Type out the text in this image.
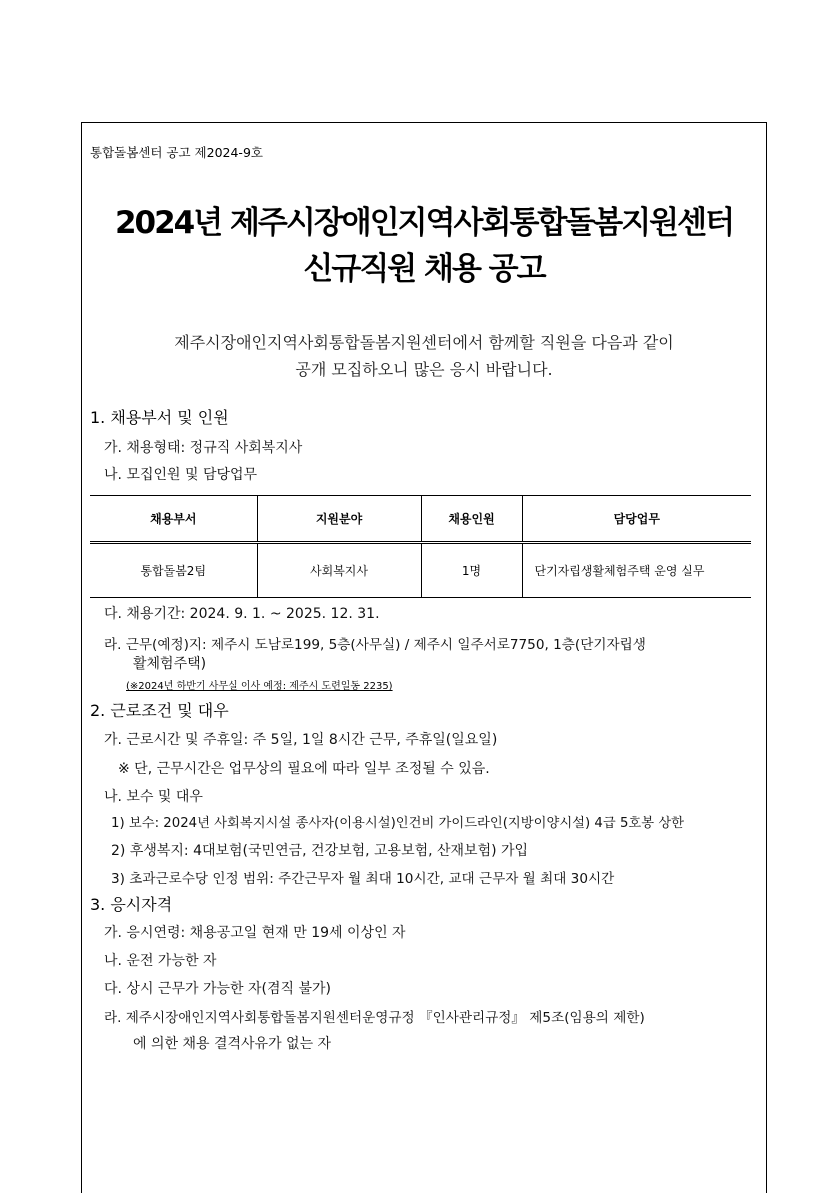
통합돌봄센터 공고 제2024-9호
2024년 제주시장애인지역사회통합돌봄지원센터
신규직원 채용 공고
제주시장애인지역사회통합돌봄지원센터에서 함께할 직원을 다음과 같이
공개 모집하오니 많은 응시 바랍니다.
1. 채용부서 및 인원
가. 채용형태: 정규직 사회복지사
나. 모집인원 및 담당업무
채용부서	지원분야	채용인원	담당업무
통합돌봄2팀	사회복지사	1명	단기자립생활체험주택 운영 실무
다. 채용기간: 2024. 9. 1. ~ 2025. 12. 31.
라. 근무(예정)지: 제주시 도남로199, 5층(사무실) / 제주시 일주서로7750, 1층(단기자립생
활체험주택)
(※2024년 하반기 사무실 이사 예정: 제주시 도련일동 2235)
2. 근로조건 및 대우
가. 근로시간 및 주휴일: 주 5일, 1일 8시간 근무, 주휴일(일요일)
※ 단, 근무시간은 업무상의 필요에 따라 일부 조정될 수 있음.
나. 보수 및 대우
1) 보수: 2024년 사회복지시설 종사자(이용시설)인건비 가이드라인(지방이양시설) 4급 5호봉 상한
2) 후생복지: 4대보험(국민연금, 건강보험, 고용보험, 산재보험) 가입
3) 초과근로수당 인정 범위: 주간근무자 월 최대 10시간, 교대 근무자 월 최대 30시간
3. 응시자격
가. 응시연령: 채용공고일 현재 만 19세 이상인 자
나. 운전 가능한 자
다. 상시 근무가 가능한 자(겸직 불가)
라. 제주시장애인지역사회통합돌봄지원센터운영규정 『인사관리규정』 제5조(임용의 제한)
에 의한 채용 결격사유가 없는 자
